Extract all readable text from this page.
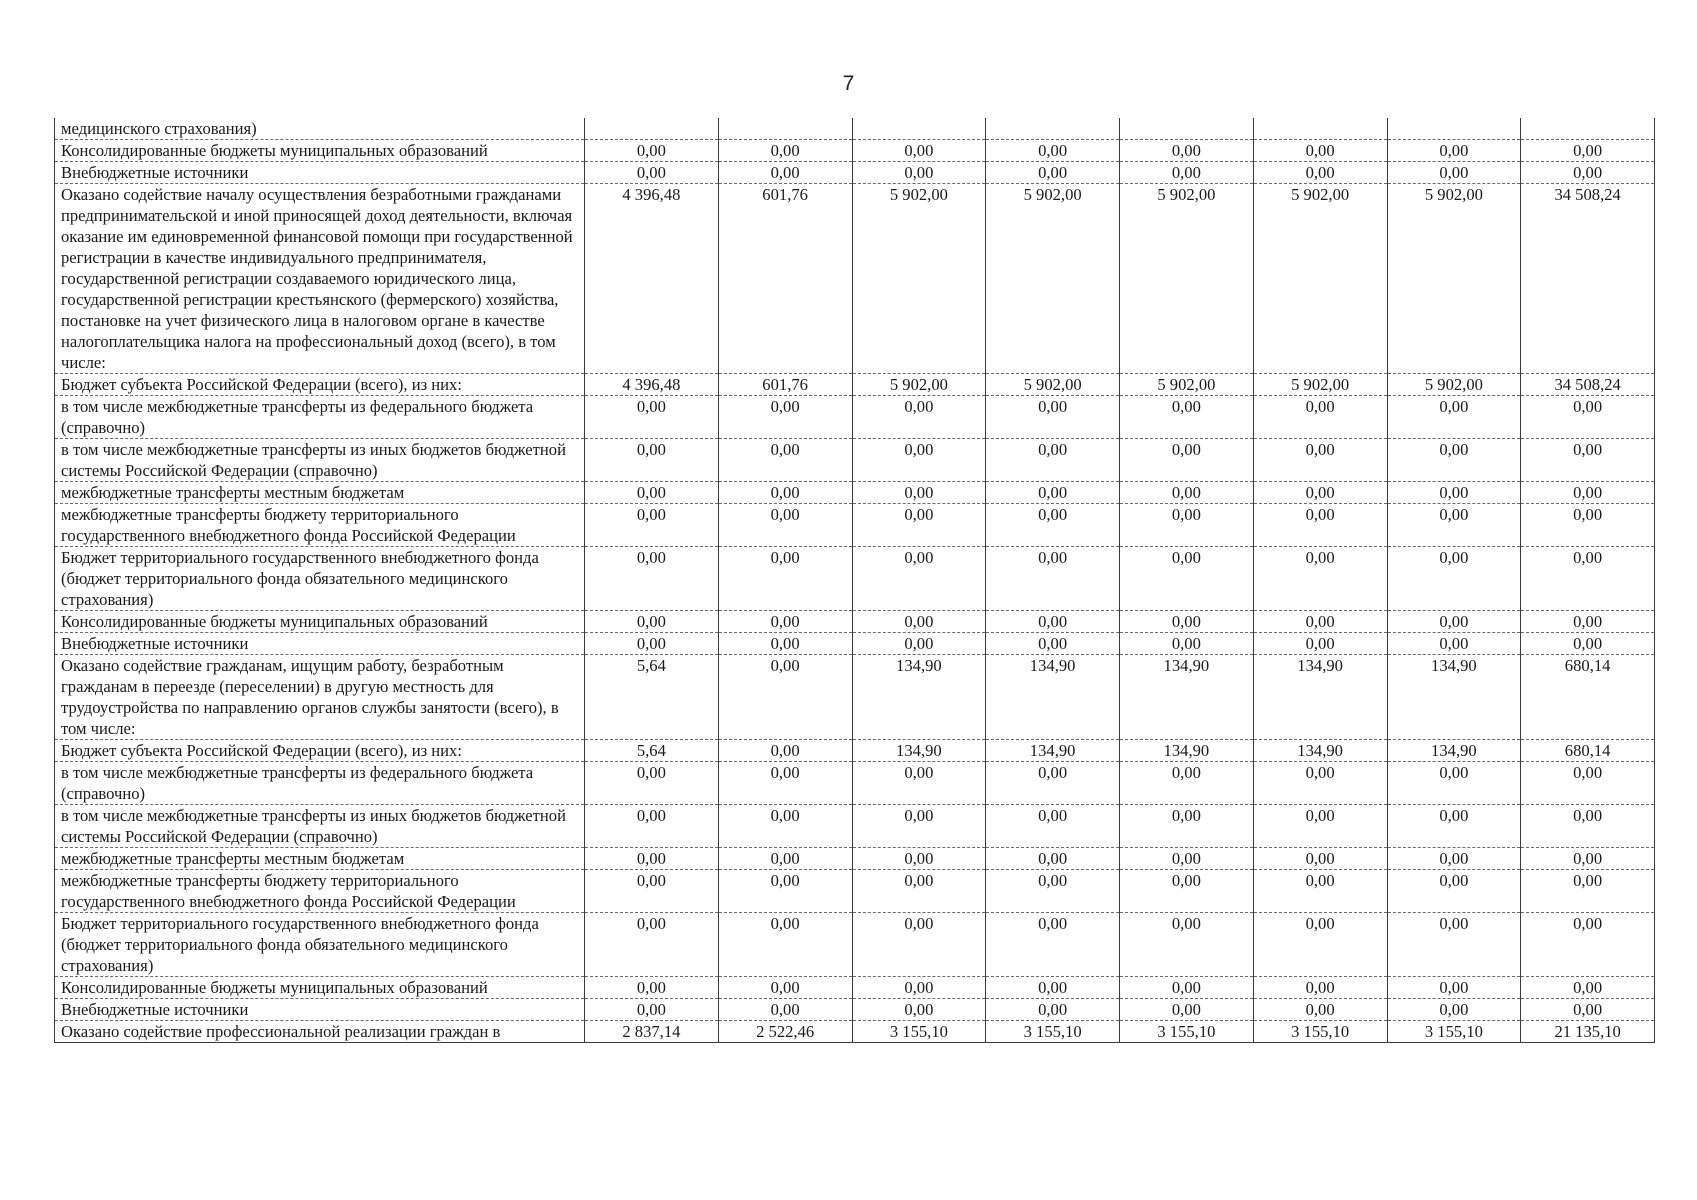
7
медицинского страхования)								
Консолидированные бюджеты муниципальных образований	0,00	0,00	0,00	0,00	0,00	0,00	0,00	0,00
Внебюджетные источники	0,00	0,00	0,00	0,00	0,00	0,00	0,00	0,00
Оказано содействие началу осуществления безработными гражданами предпринимательской и иной приносящей доход деятельности, включая оказание им единовременной финансовой помощи при государственной регистрации в качестве индивидуального предпринимателя, государственной регистрации создаваемого юридического лица, государственной регистрации крестьянского (фермерского) хозяйства, постановке на учет физического лица в налоговом органе в качестве налогоплательщика налога на профессиональный доход (всего), в том числе:	4 396,48	601,76	5 902,00	5 902,00	5 902,00	5 902,00	5 902,00	34 508,24
Бюджет субъекта Российской Федерации (всего), из них:	4 396,48	601,76	5 902,00	5 902,00	5 902,00	5 902,00	5 902,00	34 508,24
в том числе межбюджетные трансферты из федерального бюджета (справочно)	0,00	0,00	0,00	0,00	0,00	0,00	0,00	0,00
в том числе межбюджетные трансферты из иных бюджетов бюджетной системы Российской Федерации (справочно)	0,00	0,00	0,00	0,00	0,00	0,00	0,00	0,00
межбюджетные трансферты местным бюджетам	0,00	0,00	0,00	0,00	0,00	0,00	0,00	0,00
межбюджетные трансферты бюджету территориального государственного внебюджетного фонда Российской Федерации	0,00	0,00	0,00	0,00	0,00	0,00	0,00	0,00
Бюджет территориального государственного внебюджетного фонда (бюджет территориального фонда обязательного медицинского страхования)	0,00	0,00	0,00	0,00	0,00	0,00	0,00	0,00
Консолидированные бюджеты муниципальных образований	0,00	0,00	0,00	0,00	0,00	0,00	0,00	0,00
Внебюджетные источники	0,00	0,00	0,00	0,00	0,00	0,00	0,00	0,00
Оказано содействие гражданам, ищущим работу, безработным гражданам в переезде (переселении) в другую местность для трудоустройства по направлению органов службы занятости (всего), в том числе:	5,64	0,00	134,90	134,90	134,90	134,90	134,90	680,14
Бюджет субъекта Российской Федерации (всего), из них:	5,64	0,00	134,90	134,90	134,90	134,90	134,90	680,14
в том числе межбюджетные трансферты из федерального бюджета (справочно)	0,00	0,00	0,00	0,00	0,00	0,00	0,00	0,00
в том числе межбюджетные трансферты из иных бюджетов бюджетной системы Российской Федерации (справочно)	0,00	0,00	0,00	0,00	0,00	0,00	0,00	0,00
межбюджетные трансферты местным бюджетам	0,00	0,00	0,00	0,00	0,00	0,00	0,00	0,00
межбюджетные трансферты бюджету территориального государственного внебюджетного фонда Российской Федерации	0,00	0,00	0,00	0,00	0,00	0,00	0,00	0,00
Бюджет территориального государственного внебюджетного фонда (бюджет территориального фонда обязательного медицинского страхования)	0,00	0,00	0,00	0,00	0,00	0,00	0,00	0,00
Консолидированные бюджеты муниципальных образований	0,00	0,00	0,00	0,00	0,00	0,00	0,00	0,00
Внебюджетные источники	0,00	0,00	0,00	0,00	0,00	0,00	0,00	0,00
Оказано содействие профессиональной реализации граждан в	2 837,14	2 522,46	3 155,10	3 155,10	3 155,10	3 155,10	3 155,10	21 135,10
